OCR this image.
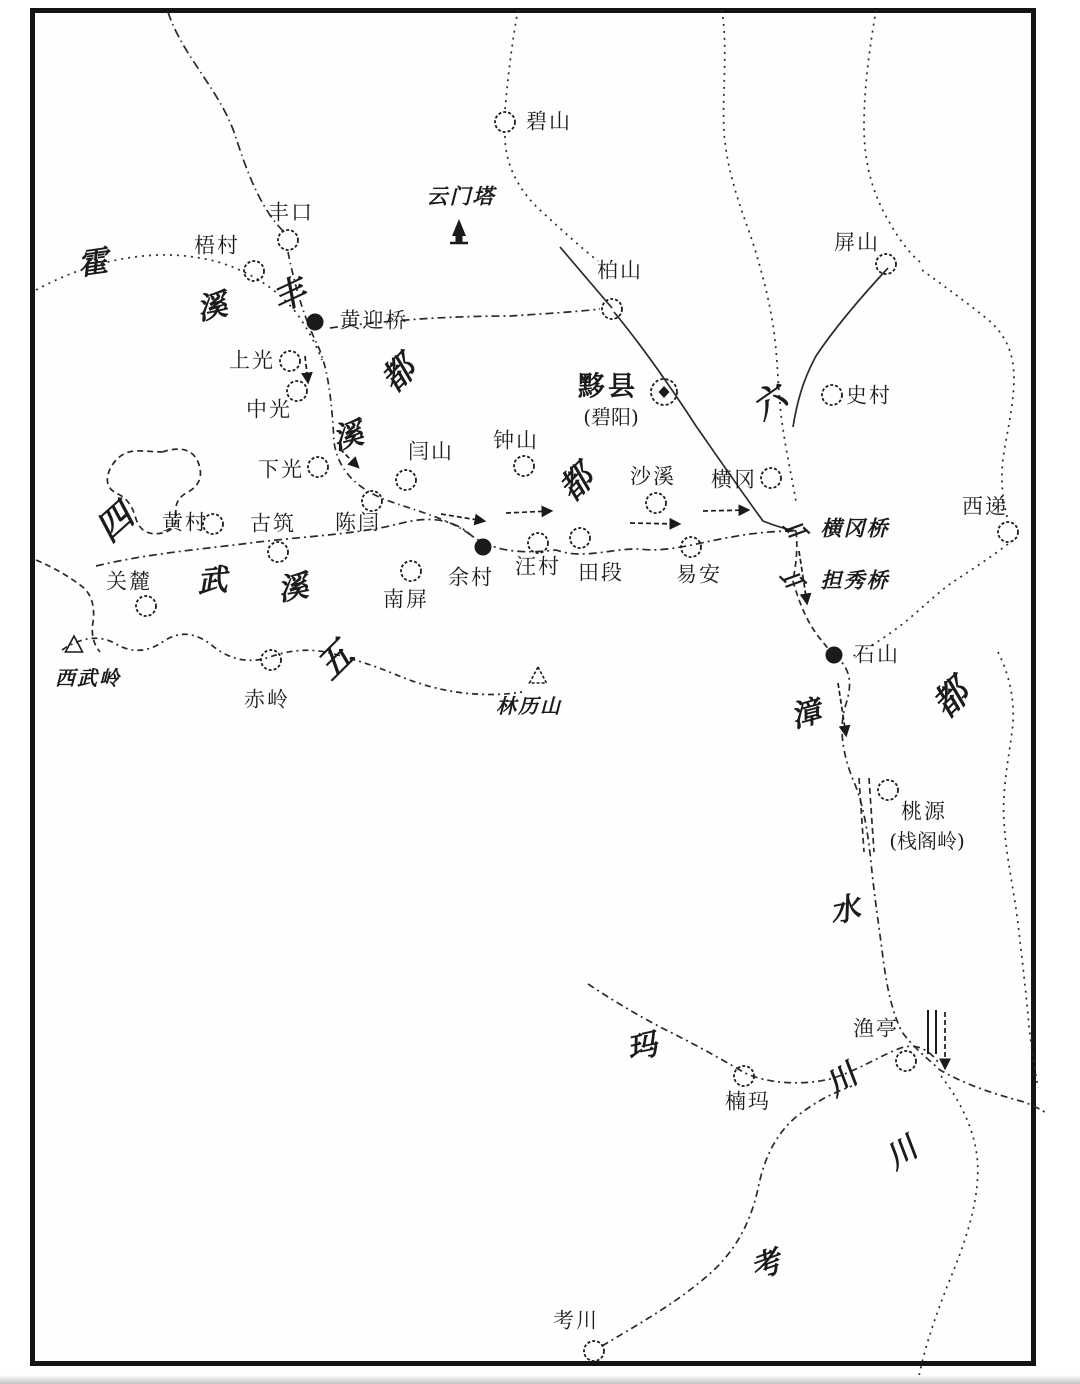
碧山
丰口
梧村
黄迎桥
上光
中光
下光
柏山
屏山
史村
黟县
(碧阳)
钟山
闫山
沙溪 横冈
西递
黄村 古筑 陈闫
关麓
南屏
余村 汪村 田段 易安
赤岭
石山
桃源
(栈阁岭)
渔亭
楠玛
考川
云门塔
横冈桥
担秀桥
西武岭
林历山
霍
溪 丰
都
溪
都
六
四
武 溪
五
漳	都
水
玛
川
川
考
